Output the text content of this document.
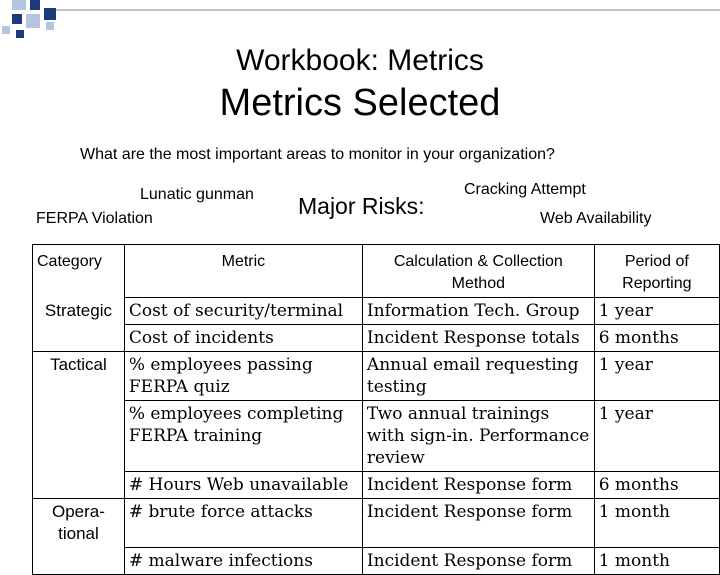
Workbook: Metrics
Metrics Selected
What are the most important areas to monitor in your organization?
Lunatic gunman
FERPA Violation	Major Risks:
Cracking Attempt
Web Availability
Category	Metric	Calculation & Collection Method	Period of Reporting
Strategic	Cost of security/terminal	Information Tech. Group	1 year
	Cost of incidents	Incident Response totals	6 months
Tactical	% employees passing FERPA quiz	Annual email requesting testing	1 year
	% employees completing FERPA training	Two annual trainings with sign-in. Performance review	1 year
	# Hours Web unavailable	Incident Response form	6 months
Opera-tional	# brute force attacks	Incident Response form	1 month
	# malware infections	Incident Response form	1 month
